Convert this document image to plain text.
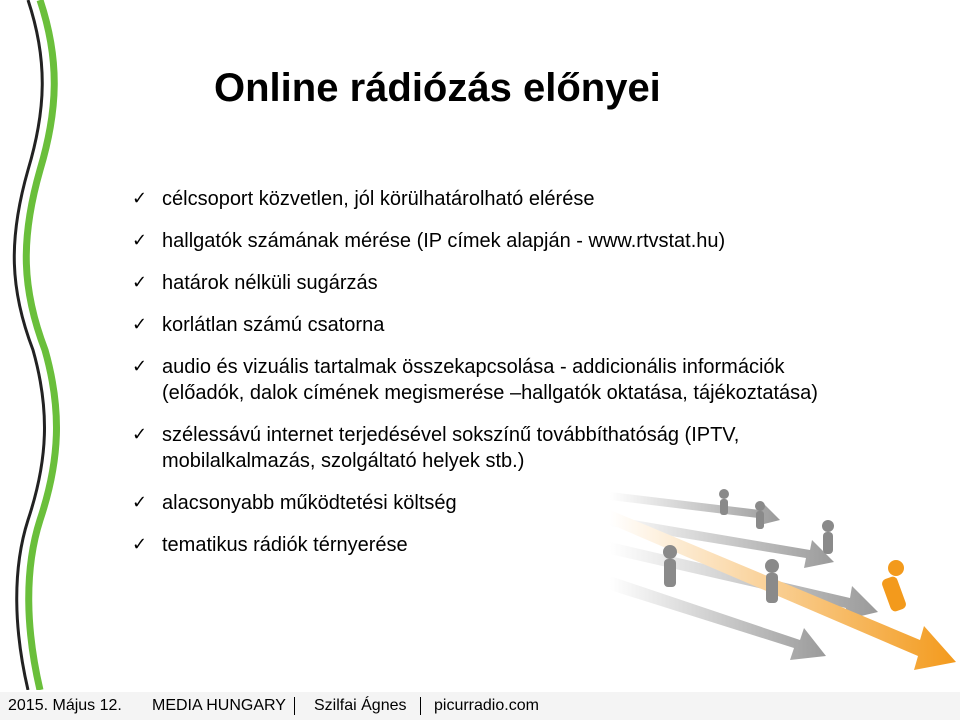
Online rádiózás előnyei
✓ célcsoport közvetlen, jól körülhatárolható elérése
✓ hallgatók számának mérése (IP címek alapján - www.rtvstat.hu)
✓ határok nélküli sugárzás
✓ korlátlan számú csatorna
✓ audio és vizuális tartalmak összekapcsolása - addicionális információk
(előadók, dalok címének megismerése –hallgatók oktatása, tájékoztatása)
✓ szélessávú internet terjedésével sokszínű továbbíthatóság (IPTV,
mobilalkalmazás, szolgáltató helyek stb.)
✓ alacsonyabb működtetési költség
✓ tematikus rádiók térnyerése
2015. Május 12. MEDIA HUNGARY Szilfai Ágnes picurradio.com
